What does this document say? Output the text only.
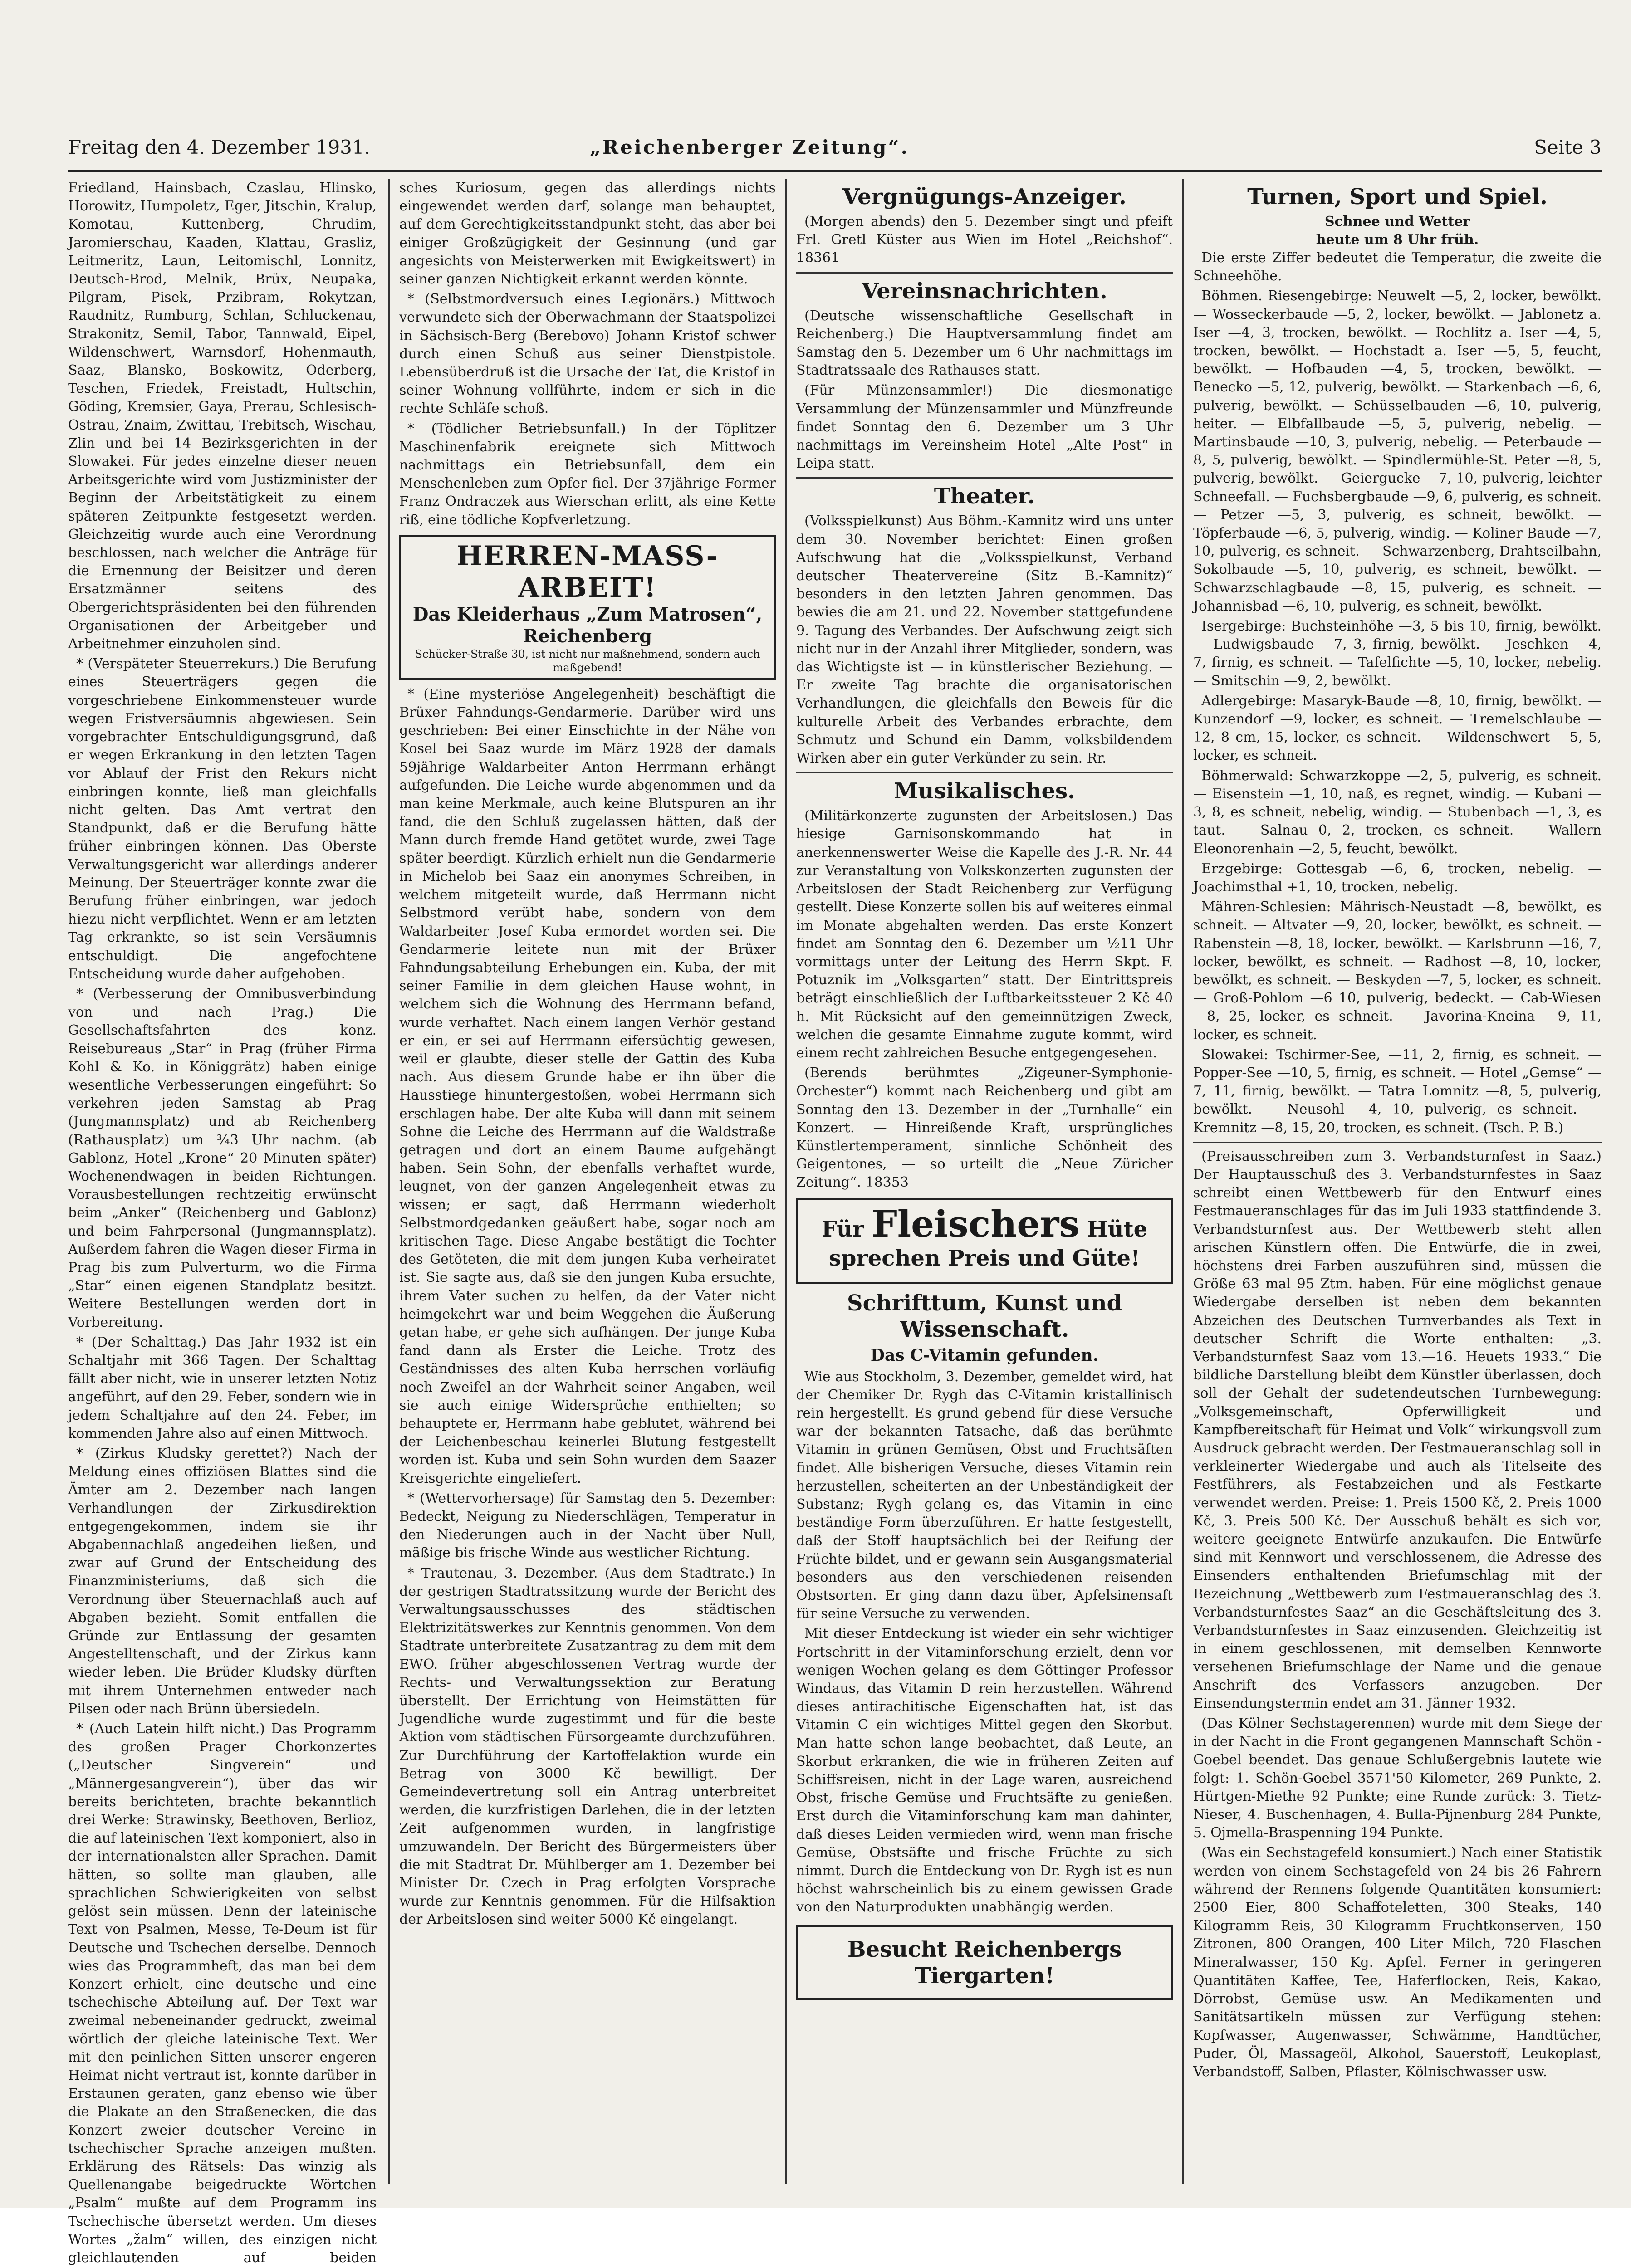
Freitag den 4. Dezember 1931.	„Reichenberger Zeitung“.	Seite 3

Friedland, Hainsbach, Czaslau, Hlinsko, Horowitz, Humpoletz, Eger, Jitschin, Kralup, Komotau, Kuttenberg, Chrudim, Jaromierschau, Kaaden, Klattau, Grasliz, Leitmeritz, Laun, Leitomischl, Lonnitz, Deutsch-Brod, Melnik, Brüx, Neupaka, Pilgram, Pisek, Przibram, Rokytzan, Raudnitz, Rumburg, Schlan, Schluckenau, Strakonitz, Semil, Tabor, Tannwald, Eipel, Wildenschwert, Warnsdorf, Hohenmauth, Saaz, Blansko, Boskowitz, Oderberg, Teschen, Friedek, Freistadt, Hultschin, Göding, Kremsier, Gaya, Prerau, Schlesisch-Ostrau, Znaim, Zwittau, Trebitsch, Wischau, Zlin und bei 14 Bezirksgerichten in der Slowakei. Für jedes einzelne dieser neuen Arbeitsgerichte wird vom Justizminister der Beginn der Arbeitstätigkeit zu einem späteren Zeitpunkte festgesetzt werden. Gleichzeitig wurde auch eine Verordnung beschlossen, nach welcher die Anträge für die Ernennung der Beisitzer und deren Ersatzmänner seitens des Obergerichtspräsidenten bei den führenden Organisationen der Arbeitgeber und Arbeitnehmer einzuholen sind.

* (Verspäteter Steuerrekurs.) Die Berufung eines Steuerträgers gegen die vorgeschriebene Einkommensteuer wurde wegen Fristversäumnis abgewiesen. Sein vorgebrachter Entschuldigungsgrund, daß er wegen Erkrankung in den letzten Tagen vor Ablauf der Frist den Rekurs nicht einbringen konnte, ließ man gleichfalls nicht gelten. Das Amt vertrat den Standpunkt, daß er die Berufung hätte früher einbringen können. Das Oberste Verwaltungsgericht war allerdings anderer Meinung. Der Steuerträger konnte zwar die Berufung früher einbringen, war jedoch hiezu nicht verpflichtet. Wenn er am letzten Tag erkrankte, so ist sein Versäumnis entschuldigt. Die angefochtene Entscheidung wurde daher aufgehoben.

* (Verbesserung der Omnibusverbindung von und nach Prag.) Die Gesellschaftsfahrten des konz. Reisebureaus „Star“ in Prag (früher Firma Kohl & Ko. in Königgrätz) haben einige wesentliche Verbesserungen eingeführt: So verkehren jeden Samstag ab Prag (Jungmannsplatz) und ab Reichenberg (Rathausplatz) um ¾3 Uhr nachm. (ab Gablonz, Hotel „Krone“ 20 Minuten später) Wochenendwagen in beiden Richtungen. Vorausbestellungen rechtzeitig erwünscht beim „Anker“ (Reichenberg und Gablonz) und beim Fahrpersonal (Jungmannsplatz). Außerdem fahren die Wagen dieser Firma in Prag bis zum Pulverturm, wo die Firma „Star“ einen eigenen Standplatz besitzt. Weitere Bestellungen werden dort in Vorbereitung.

* (Der Schalttag.) Das Jahr 1932 ist ein Schaltjahr mit 366 Tagen. Der Schalttag fällt aber nicht, wie in unserer letzten Notiz angeführt, auf den 29. Feber, sondern wie in jedem Schaltjahre auf den 24. Feber, im kommenden Jahre also auf einen Mittwoch.

* (Zirkus Kludsky gerettet?) Nach der Meldung eines offiziösen Blattes sind die Ämter am 2. Dezember nach langen Verhandlungen der Zirkusdirektion entgegengekommen, indem sie ihr Abgabennachlaß angedeihen ließen, und zwar auf Grund der Entscheidung des Finanzministeriums, daß sich die Verordnung über Steuernachlaß auch auf Abgaben bezieht. Somit entfallen die Gründe zur Entlassung der gesamten Angestelltenschaft, und der Zirkus kann wieder leben. Die Brüder Kludsky dürften mit ihrem Unternehmen entweder nach Pilsen oder nach Brünn übersiedeln.

* (Auch Latein hilft nicht.) Das Programm des großen Prager Chorkonzertes („Deutscher Singverein“ und „Männergesangverein“), über das wir bereits berichteten, brachte bekanntlich drei Werke: Strawinsky, Beethoven, Berlioz, die auf lateinischen Text komponiert, also in der internationalsten aller Sprachen. Damit hätten, so sollte man glauben, alle sprachlichen Schwierigkeiten von selbst gelöst sein müssen. Denn der lateinische Text von Psalmen, Messe, Te-Deum ist für Deutsche und Tschechen derselbe. Dennoch wies das Programmheft, das man bei dem Konzert erhielt, eine deutsche und eine tschechische Abteilung auf. Der Text war zweimal nebeneinander gedruckt, zweimal wörtlich der gleiche lateinische Text. Wer mit den peinlichen Sitten unserer engeren Heimat nicht vertraut ist, konnte darüber in Erstaunen geraten, ganz ebenso wie über die Plakate an den Straßenecken, die das Konzert zweier deutscher Vereine in tschechischer Sprache anzeigen mußten. Erklärung des Rätsels: Das winzig als Quellenangabe beigedruckte Wörtchen „Psalm“ mußte auf dem Programm ins Tschechische übersetzt werden. Um dieses Wortes „žalm“ willen, des einzigen nicht gleichlautenden auf beiden

sches Kuriosum, gegen das allerdings nichts eingewendet werden darf, solange man behauptet, auf dem Gerechtigkeitsstandpunkt steht, das aber bei einiger Großzügigkeit der Gesinnung (und gar angesichts von Meisterwerken mit Ewigkeitswert) in seiner ganzen Nichtigkeit erkannt werden könnte.

* (Selbstmordversuch eines Legionärs.) Mittwoch verwundete sich der Oberwachmann der Staatspolizei in Sächsisch-Berg (Berebovo) Johann Kristof schwer durch einen Schuß aus seiner Dienstpistole. Lebensüberdruß ist die Ursache der Tat, die Kristof in seiner Wohnung vollführte, indem er sich in die rechte Schläfe schoß.

* (Tödlicher Betriebsunfall.) In der Töplitzer Maschinenfabrik ereignete sich Mittwoch nachmittags ein Betriebsunfall, dem ein Menschenleben zum Opfer fiel. Der 37jährige Former Franz Ondraczek aus Wierschan erlitt, als eine Kette riß, eine tödliche Kopfverletzung.

HERREN-MASS-ARBEIT!
Das Kleiderhaus „Zum Matrosen“, Reichenberg
Schücker-Straße 30, ist nicht nur maßnehmend, sondern auch maßgebend!

* (Eine mysteriöse Angelegenheit) beschäftigt die Brüxer Fahndungs-Gendarmerie. Darüber wird uns geschrieben: Bei einer Einschichte in der Nähe von Kosel bei Saaz wurde im März 1928 der damals 59jährige Waldarbeiter Anton Herrmann erhängt aufgefunden. Die Leiche wurde abgenommen und da man keine Merkmale, auch keine Blutspuren an ihr fand, die den Schluß zugelassen hätten, daß der Mann durch fremde Hand getötet wurde, zwei Tage später beerdigt. Kürzlich erhielt nun die Gendarmerie in Michelob bei Saaz ein anonymes Schreiben, in welchem mitgeteilt wurde, daß Herrmann nicht Selbstmord verübt habe, sondern von dem Waldarbeiter Josef Kuba ermordet worden sei. Die Gendarmerie leitete nun mit der Brüxer Fahndungsabteilung Erhebungen ein. Kuba, der mit seiner Familie in dem gleichen Hause wohnt, in welchem sich die Wohnung des Herrmann befand, wurde verhaftet. Nach einem langen Verhör gestand er ein, er sei auf Herrmann eifersüchtig gewesen, weil er glaubte, dieser stelle der Gattin des Kuba nach. Aus diesem Grunde habe er ihn über die Hausstiege hinuntergestoßen, wobei Herrmann sich erschlagen habe. Der alte Kuba will dann mit seinem Sohne die Leiche des Herrmann auf die Waldstraße getragen und dort an einem Baume aufgehängt haben. Sein Sohn, der ebenfalls verhaftet wurde, leugnet, von der ganzen Angelegenheit etwas zu wissen; er sagt, daß Herrmann wiederholt Selbstmordgedanken geäußert habe, sogar noch am kritischen Tage. Diese Angabe bestätigt die Tochter des Getöteten, die mit dem jungen Kuba verheiratet ist. Sie sagte aus, daß sie den jungen Kuba ersuchte, ihrem Vater suchen zu helfen, da der Vater nicht heimgekehrt war und beim Weggehen die Äußerung getan habe, er gehe sich aufhängen. Der junge Kuba fand dann als Erster die Leiche. Trotz des Geständnisses des alten Kuba herrschen vorläufig noch Zweifel an der Wahrheit seiner Angaben, weil sie auch einige Widersprüche enthielten; so behauptete er, Herrmann habe geblutet, während bei der Leichenbeschau keinerlei Blutung festgestellt worden ist. Kuba und sein Sohn wurden dem Saazer Kreisgerichte eingeliefert.

* (Wettervorhersage) für Samstag den 5. Dezember: Bedeckt, Neigung zu Niederschlägen, Temperatur in den Niederungen auch in der Nacht über Null, mäßige bis frische Winde aus westlicher Richtung.

* Trautenau, 3. Dezember. (Aus dem Stadtrate.) In der gestrigen Stadtratssitzung wurde der Bericht des Verwaltungsausschusses des städtischen Elektrizitätswerkes zur Kenntnis genommen. Von dem Stadtrate unterbreitete Zusatzantrag zu dem mit dem EWO. früher abgeschlossenen Vertrag wurde der Rechts- und Verwaltungssektion zur Beratung überstellt. Der Errichtung von Heimstätten für Jugendliche wurde zugestimmt und für die beste Aktion vom städtischen Fürsorgeamte durchzuführen. Zur Durchführung der Kartoffelaktion wurde ein Betrag von 3000 Kč bewilligt. Der Gemeindevertretung soll ein Antrag unterbreitet werden, die kurzfristigen Darlehen, die in der letzten Zeit aufgenommen wurden, in langfristige umzuwandeln. Der Bericht des Bürgermeisters über die mit Stadtrat Dr. Mühlberger am 1. Dezember bei Minister Dr. Czech in Prag erfolgten Vorsprache wurde zur Kenntnis genommen. Für die Hilfsaktion der Arbeitslosen sind weiter 5000 Kč eingelangt.

Vergnügungs-Anzeiger.

(Morgen abends) den 5. Dezember singt und pfeift Frl. Gretl Küster aus Wien im Hotel „Reichshof“. 18361

Vereinsnachrichten.

(Deutsche wissenschaftliche Gesellschaft in Reichenberg.) Die Hauptversammlung findet am Samstag den 5. Dezember um 6 Uhr nachmittags im Stadtratssaale des Rathauses statt.

(Für Münzensammler!) Die diesmonatige Versammlung der Münzensammler und Münzfreunde findet Sonntag den 6. Dezember um 3 Uhr nachmittags im Vereinsheim Hotel „Alte Post“ in Leipa statt.

Theater.

(Volksspielkunst) Aus Böhm.-Kamnitz wird uns unter dem 30. November berichtet: Einen großen Aufschwung hat die „Volksspielkunst, Verband deutscher Theatervereine (Sitz B.-Kamnitz)“ besonders in den letzten Jahren genommen. Das bewies die am 21. und 22. November stattgefundene 9. Tagung des Verbandes. Der Aufschwung zeigt sich nicht nur in der Anzahl ihrer Mitglieder, sondern, was das Wichtigste ist — in künstlerischer Beziehung. — Er zweite Tag brachte die organisatorischen Verhandlungen, die gleichfalls den Beweis für die kulturelle Arbeit des Verbandes erbrachte, dem Schmutz und Schund ein Damm, volksbildendem Wirken aber ein guter Verkünder zu sein. Rr.

Musikalisches.

(Militärkonzerte zugunsten der Arbeitslosen.) Das hiesige Garnisonskommando hat in anerkennenswerter Weise die Kapelle des J.-R. Nr. 44 zur Veranstaltung von Volkskonzerten zugunsten der Arbeitslosen der Stadt Reichenberg zur Verfügung gestellt. Diese Konzerte sollen bis auf weiteres einmal im Monate abgehalten werden. Das erste Konzert findet am Sonntag den 6. Dezember um ½11 Uhr vormittags unter der Leitung des Herrn Skpt. F. Potuznik im „Volksgarten“ statt. Der Eintrittspreis beträgt einschließlich der Luftbarkeitssteuer 2 Kč 40 h. Mit Rücksicht auf den gemeinnützigen Zweck, welchen die gesamte Einnahme zugute kommt, wird einem recht zahlreichen Besuche entgegengesehen.

(Berends berühmtes „Zigeuner-Symphonie-Orchester“) kommt nach Reichenberg und gibt am Sonntag den 13. Dezember in der „Turnhalle“ ein Konzert. — Hinreißende Kraft, ursprüngliches Künstlertemperament, sinnliche Schönheit des Geigentones, — so urteilt die „Neue Züricher Zeitung“. 18353

Für Fleischers Hüte
sprechen Preis und Güte!
Schrifttum, Kunst und Wissenschaft.
Das C-Vitamin gefunden.

Wie aus Stockholm, 3. Dezember, gemeldet wird, hat der Chemiker Dr. Rygh das C-Vitamin kristallinisch rein hergestellt. Es grund gebend für diese Versuche war der bekannten Tatsache, daß das berühmte Vitamin in grünen Gemüsen, Obst und Fruchtsäften findet. Alle bisherigen Versuche, dieses Vitamin rein herzustellen, scheiterten an der Unbeständigkeit der Substanz; Rygh gelang es, das Vitamin in eine beständige Form überzuführen. Er hatte festgestellt, daß der Stoff hauptsächlich bei der Reifung der Früchte bildet, und er gewann sein Ausgangsmaterial besonders aus den verschiedenen reisenden Obstsorten. Er ging dann dazu über, Apfelsinensaft für seine Versuche zu verwenden.

Mit dieser Entdeckung ist wieder ein sehr wichtiger Fortschritt in der Vitaminforschung erzielt, denn vor wenigen Wochen gelang es dem Göttinger Professor Windaus, das Vitamin D rein herzustellen. Während dieses antirachitische Eigenschaften hat, ist das Vitamin C ein wichtiges Mittel gegen den Skorbut. Man hatte schon lange beobachtet, daß Leute, an Skorbut erkranken, die wie in früheren Zeiten auf Schiffsreisen, nicht in der Lage waren, ausreichend Obst, frische Gemüse und Fruchtsäfte zu genießen. Erst durch die Vitaminforschung kam man dahinter, daß dieses Leiden vermieden wird, wenn man frische Gemüse, Obstsäfte und frische Früchte zu sich nimmt. Durch die Entdeckung von Dr. Rygh ist es nun höchst wahrscheinlich bis zu einem gewissen Grade von den Naturprodukten unabhängig werden.

Besucht Reichenbergs Tiergarten!
Turnen, Sport und Spiel.
Schnee und Wetter
heute um 8 Uhr früh.

Die erste Ziffer bedeutet die Temperatur, die zweite die Schneehöhe.

Böhmen. Riesengebirge: Neuwelt —5, 2, locker, bewölkt. — Wosseckerbaude —5, 2, locker, bewölkt. — Jablonetz a. Iser —4, 3, trocken, bewölkt. — Rochlitz a. Iser —4, 5, trocken, bewölkt. — Hochstadt a. Iser —5, 5, feucht, bewölkt. — Hofbauden —4, 5, trocken, bewölkt. — Benecko —5, 12, pulverig, bewölkt. — Starkenbach —6, 6, pulverig, bewölkt. — Schüsselbauden —6, 10, pulverig, heiter. — Elbfallbaude —5, 5, pulverig, nebelig. — Martinsbaude —10, 3, pulverig, nebelig. — Peterbaude —8, 5, pulverig, bewölkt. — Spindlermühle-St. Peter —8, 5, pulverig, bewölkt. — Geiergucke —7, 10, pulverig, leichter Schneefall. — Fuchsbergbaude —9, 6, pulverig, es schneit. — Petzer —5, 3, pulverig, es schneit, bewölkt. — Töpferbaude —6, 5, pulverig, windig. — Koliner Baude —7, 10, pulverig, es schneit. — Schwarzenberg, Drahtseilbahn, Sokolbaude —5, 10, pulverig, es schneit, bewölkt. — Schwarzschlagbaude —8, 15, pulverig, es schneit. — Johannisbad —6, 10, pulverig, es schneit, bewölkt.

Isergebirge: Buchsteinhöhe —3, 5 bis 10, firnig, bewölkt. — Ludwigsbaude —7, 3, firnig, bewölkt. — Jeschken —4, 7, firnig, es schneit. — Tafelfichte —5, 10, locker, nebelig. — Smitschin —9, 2, bewölkt.

Adlergebirge: Masaryk-Baude —8, 10, firnig, bewölkt. — Kunzendorf —9, locker, es schneit. — Tremelschlaube —12, 8 cm, 15, locker, es schneit. — Wildenschwert —5, 5, locker, es schneit.

Böhmerwald: Schwarzkoppe —2, 5, pulverig, es schneit. — Eisenstein —1, 10, naß, es regnet, windig. — Kubani —3, 8, es schneit, nebelig, windig. — Stubenbach —1, 3, es taut. — Salnau 0, 2, trocken, es schneit. — Wallern Eleonorenhain —2, 5, feucht, bewölkt.

Erzgebirge: Gottesgab —6, 6, trocken, nebelig. — Joachimsthal +1, 10, trocken, nebelig.

Mähren-Schlesien: Mährisch-Neustadt —8, bewölkt, es schneit. — Altvater —9, 20, locker, bewölkt, es schneit. — Rabenstein —8, 18, locker, bewölkt. — Karlsbrunn —16, 7, locker, bewölkt, es schneit. — Radhost —8, 10, locker, bewölkt, es schneit. — Beskyden —7, 5, locker, es schneit. — Groß-Pohlom —6 10, pulverig, bedeckt. — Cab-Wiesen —8, 25, locker, es schneit. — Javorina-Kneina —9, 11, locker, es schneit.

Slowakei: Tschirmer-See, —11, 2, firnig, es schneit. — Popper-See —10, 5, firnig, es schneit. — Hotel „Gemse“ —7, 11, firnig, bewölkt. — Tatra Lomnitz —8, 5, pulverig, bewölkt. — Neusohl —4, 10, pulverig, es schneit. — Kremnitz —8, 15, 20, trocken, es schneit. (Tsch. P. B.)

(Preisausschreiben zum 3. Verbandsturnfest in Saaz.) Der Hauptausschuß des 3. Verbandsturnfestes in Saaz schreibt einen Wettbewerb für den Entwurf eines Festmaueranschlages für das im Juli 1933 stattfindende 3. Verbandsturnfest aus. Der Wettbewerb steht allen arischen Künstlern offen. Die Entwürfe, die in zwei, höchstens drei Farben auszuführen sind, müssen die Größe 63 mal 95 Ztm. haben. Für eine möglichst genaue Wiedergabe derselben ist neben dem bekannten Abzeichen des Deutschen Turnverbandes als Text in deutscher Schrift die Worte enthalten: „3. Verbandsturnfest Saaz vom 13.—16. Heuets 1933.“ Die bildliche Darstellung bleibt dem Künstler überlassen, doch soll der Gehalt der sudetendeutschen Turnbewegung: „Volksgemeinschaft, Opferwilligkeit und Kampfbereitschaft für Heimat und Volk“ wirkungsvoll zum Ausdruck gebracht werden. Der Festmaueranschlag soll in verkleinerter Wiedergabe und auch als Titelseite des Festführers, als Festabzeichen und als Festkarte verwendet werden. Preise: 1. Preis 1500 Kč, 2. Preis 1000 Kč, 3. Preis 500 Kč. Der Ausschuß behält es sich vor, weitere geeignete Entwürfe anzukaufen. Die Entwürfe sind mit Kennwort und verschlossenem, die Adresse des Einsenders enthaltenden Briefumschlag mit der Bezeichnung „Wettbewerb zum Festmaueranschlag des 3. Verbandsturnfestes Saaz“ an die Geschäftsleitung des 3. Verbandsturnfestes in Saaz einzusenden. Gleichzeitig ist in einem geschlossenen, mit demselben Kennworte versehenen Briefumschlage der Name und die genaue Anschrift des Verfassers anzugeben. Der Einsendungstermin endet am 31. Jänner 1932.

(Das Kölner Sechstagerennen) wurde mit dem Siege der in der Nacht in die Front gegangenen Mannschaft Schön - Goebel beendet. Das genaue Schlußergebnis lautete wie folgt: 1. Schön-Goebel 3571'50 Kilometer, 269 Punkte, 2. Hürtgen-Miethe 92 Punkte; eine Runde zurück: 3. Tietz-Nieser, 4. Buschenhagen, 4. Bulla-Pijnenburg 284 Punkte, 5. Ojmella-Braspenning 194 Punkte.

(Was ein Sechstagefeld konsumiert.) Nach einer Statistik werden von einem Sechstagefeld von 24 bis 26 Fahrern während der Rennens folgende Quantitäten konsumiert: 2500 Eier, 800 Schaffoteletten, 300 Steaks, 140 Kilogramm Reis, 30 Kilogramm Fruchtkonserven, 150 Zitronen, 800 Orangen, 400 Liter Milch, 720 Flaschen Mineralwasser, 150 Kg. Apfel. Ferner in geringeren Quantitäten Kaffee, Tee, Haferflocken, Reis, Kakao, Dörrobst, Gemüse usw. An Medikamenten und Sanitätsartikeln müssen zur Verfügung stehen: Kopfwasser, Augenwasser, Schwämme, Handtücher, Puder, Öl, Massageöl, Alkohol, Sauerstoff, Leukoplast, Verbandstoff, Salben, Pflaster, Kölnischwasser usw.
